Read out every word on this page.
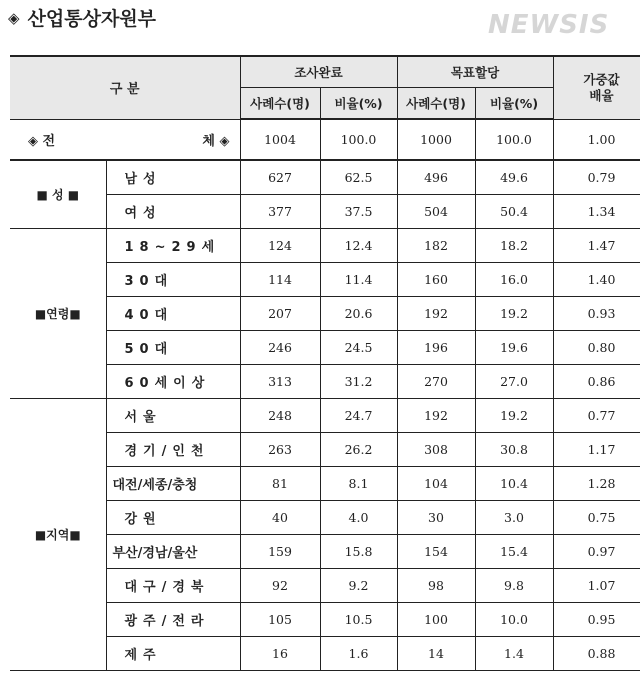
◈ 산업통상자원부
구 분		조사완료		목표할당		가중값 배율
		사례수(명)	비율(%)	사례수(명)	비율(%)	
◈ 전 체 ◈		1004	100.0	1000	100.0	1.00
■ 성 ■	남성	627	62.5	496	49.6	0.79
	여성	377	37.5	504	50.4	1.34
■연령■	18~29세	124	12.4	182	18.2	1.47
	30대	114	11.4	160	16.0	1.40
	40대	207	20.6	192	19.2	0.93
	50대	246	24.5	196	19.6	0.80
	60세이상	313	31.2	270	27.0	0.86
■지역■	서울	248	24.7	192	19.2	0.77
	경기/인천	263	26.2	308	30.8	1.17
	대전/세종/충청	81	8.1	104	10.4	1.28
	강원	40	4.0	30	3.0	0.75
	부산/경남/울산	159	15.8	154	15.4	0.97
	대구/경북	92	9.2	98	9.8	1.07
	광주/전라	105	10.5	100	10.0	0.95
	제주	16	1.6	14	1.4	0.88
NEWSIS
